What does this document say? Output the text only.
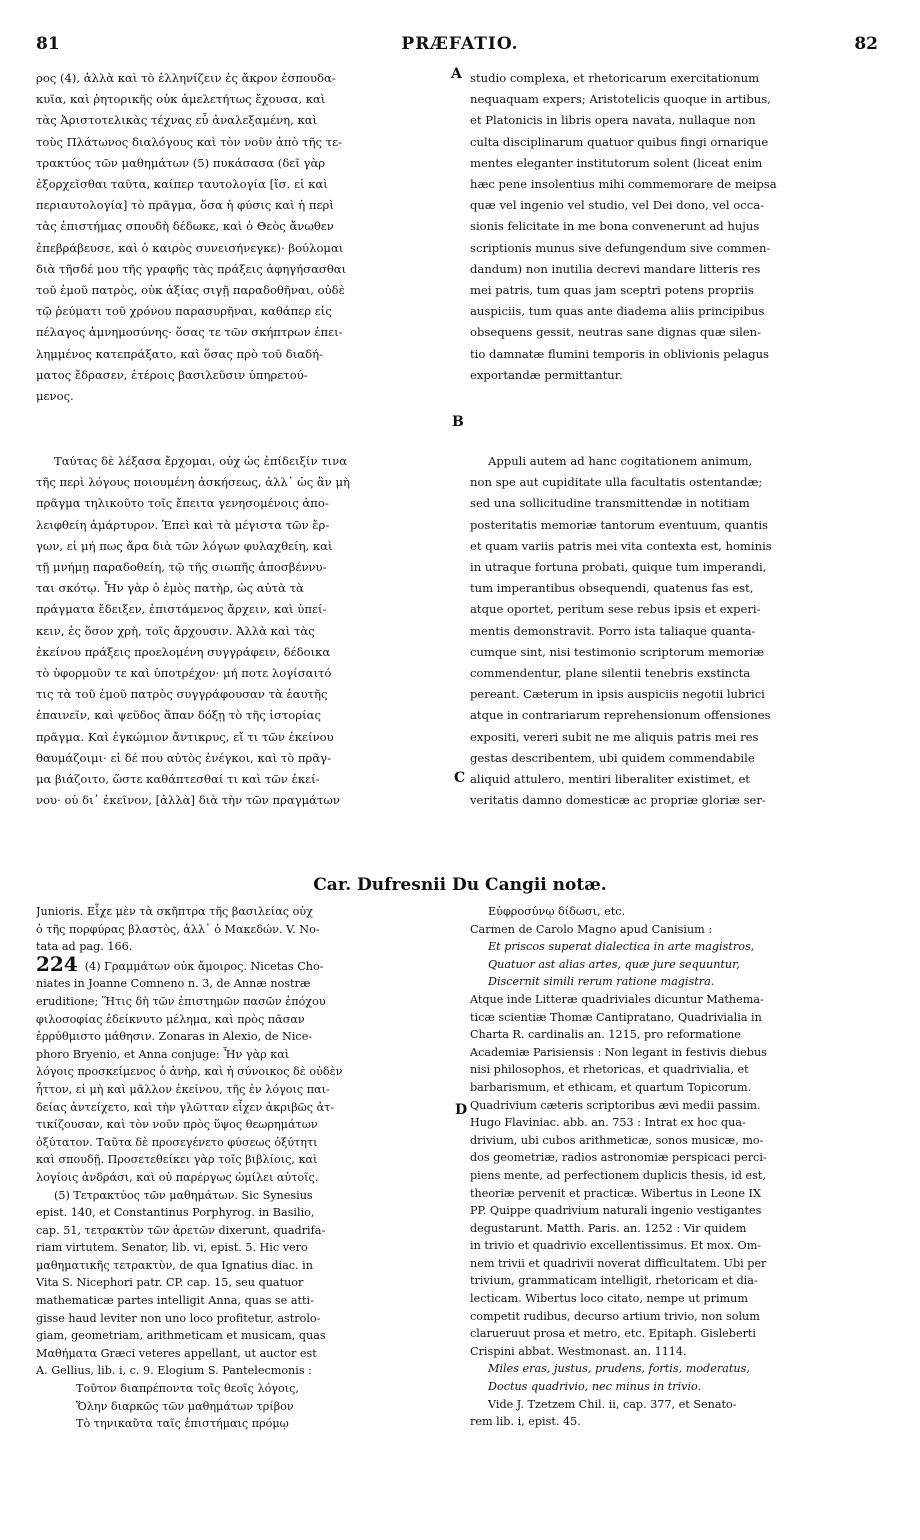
81	PRÆFATIO.	82
A
B
C
D
ρος (4), ἀλλὰ καὶ τὸ ἑλληνίζειν ἐς ἄκρον ἐσπουδα-
κυῖα, καὶ ῥητορικῆς οὐκ ἀμελετήτως ἔχουσα, καὶ
τὰς Ἀριστοτελικὰς τέχνας εὖ ἀναλεξαμένη, καὶ
τοὺς Πλάτωνος διαλόγους καὶ τὸν νοῦν ἀπὸ τῆς τε-
τρακτύος τῶν μαθημάτων (5) πυκάσασα (δεῖ γὰρ
ἐξορχεῖσθαι ταῦτα, καίπερ ταυτολογία [ἴσ. εἰ καὶ
περιαυτολογία] τὸ πρᾶγμα, ὅσα ἡ φύσις καὶ ἡ περὶ
τὰς ἐπιστήμας σπουδὴ δέδωκε, καὶ ὁ Θεὸς ἄνωθεν
ἐπεβράβευσε, καὶ ὁ καιρὸς συνεισήνεγκε)· βούλομαι
διὰ τῆσδέ μου τῆς γραφῆς τὰς πράξεις ἀφηγήσασθαι
τοῦ ἐμοῦ πατρὸς, οὐκ ἀξίας σιγῇ παραδοθῆναι, οὐδὲ
τῷ ῥεύματι τοῦ χρόνου παρασυρῆναι, καθάπερ εἰς
πέλαγος ἀμνημοσύνης· ὅσας τε τῶν σκήπτρων ἐπει-
λημμένος κατεπράξατο, καὶ ὅσας πρὸ τοῦ διαδή-
ματος ἔδρασεν, ἑτέροις βασιλεῦσιν ὑπηρετού-
μενος.
studio complexa, et rhetoricarum exercitationum
nequaquam expers; Aristotelicis quoque in artibus,
et Platonicis in libris opera navata, nullaque non
culta disciplinarum quatuor quibus fingi ornarique
mentes eleganter institutorum solent (liceat enim
hæc pene insolentius mihi commemorare de meipsa
quæ vel ingenio vel studio, vel Dei dono, vel occa-
sionis felicitate in me bona convenerunt ad hujus
scriptionis munus sive defungendum sive commen-
dandum) non inutilia decrevi mandare litteris res
mei patris, tum quas jam sceptri potens propriis
auspiciis, tum quas ante diadema aliis principibus
obsequens gessit, neutras sane dignas quæ silen-
tio damnatæ flumini temporis in oblivionis pelagus
exportandæ permittantur.
Ταύτας δὲ λέξασα ἔρχομαι, οὐχ ὡς ἐπίδειξίν τινα
τῆς περὶ λόγους ποιουμένη ἀσκήσεως, ἀλλ᾽ ὡς ἂν μὴ
πρᾶγμα τηλικοῦτο τοῖς ἔπειτα γενησομένοις ἀπο-
λειφθείη ἀμάρτυρον. Ἐπεὶ καὶ τὰ μέγιστα τῶν ἔρ-
γων, εἰ μή πως ἄρα διὰ τῶν λόγων φυλαχθείη, καὶ
τῇ μνήμῃ παραδοθείη, τῷ τῆς σιωπῆς ἀποσβέννυ-
ται σκότῳ. Ἦν γὰρ ὁ ἐμὸς πατὴρ, ὡς αὐτὰ τὰ
πράγματα ἔδειξεν, ἐπιστάμενος ἄρχειν, καὶ ὑπεί-
κειν, ἐς ὅσον χρὴ, τοῖς ἄρχουσιν. Ἀλλὰ καὶ τὰς
ἐκείνου πράξεις προελομένη συγγράφειν, δέδοικα
τὸ ὑφορμοῦν τε καὶ ὑποτρέχον· μή ποτε λογίσαιτό
τις τὰ τοῦ ἐμοῦ πατρὸς συγγράφουσαν τὰ ἑαυτῆς
ἐπαινεῖν, καὶ ψεῦδος ἅπαν δόξῃ τὸ τῆς ἱστορίας
πρᾶγμα. Καὶ ἐγκώμιον ἄντικρυς, εἴ τι τῶν ἐκείνου
θαυμάζοιμι· εἰ δέ που αὐτὸς ἐνέγκοι, καὶ τὸ πρᾶγ-
μα βιάζοιτο, ὥστε καθάπτεσθαί τι καὶ τῶν ἐκεί-
νου· οὐ δι᾽ ἐκεῖνον, [ἀλλὰ] διὰ τὴν τῶν πραγμάτων
Appuli autem ad hanc cogitationem animum,
non spe aut cupiditate ulla facultatis ostentandæ;
sed una sollicitudine transmittendæ in notitiam
posteritatis memoriæ tantorum eventuum, quantis
et quam variis patris mei vita contexta est, hominis
in utraque fortuna probati, quique tum imperandi,
tum imperantibus obsequendi, quatenus fas est,
atque oportet, peritum sese rebus ipsis et experi-
mentis demonstravit. Porro ista taliaque quanta-
cumque sint, nisi testimonio scriptorum memoriæ
commendentur, plane silentii tenebris exstincta
pereant. Cæterum in ipsis auspiciis negotii lubrici
atque in contrariarum reprehensionum offensiones
expositi, vereri subit ne me aliquis patris mei res
gestas describentem, ubi quidem commendabile
aliquid attulero, mentiri liberaliter existimet, et
veritatis damno domesticæ ac propriæ gloriæ ser-
Car. Dufresnii Du Cangii notæ.
Junioris. Εἶχε μὲν τὰ σκῆπτρα τῆς βασιλείας οὐχ
ὁ τῆς πορφύρας βλαστὸς, ἀλλ᾽ ὁ Μακεδών. V. No-
tata ad pag. 166.
224 (4) Γραμμάτων οὐκ ἄμοιρος. Nicetas Cho-
niates in Joanne Comneno n. 3, de Annæ nostræ
eruditione; Ἥτις δὴ τῶν ἐπιστημῶν πασῶν ἐπόχου
φιλοσοφίας ἐδείκνυτο μέλημα, καὶ πρὸς πᾶσαν
ἐρρύθμιστο μάθησιν. Zonaras in Alexio, de Nice-
phoro Bryenio, et Anna conjuge: Ἦν γὰρ καὶ
λόγοις προσκείμενος ὁ ἀνὴρ, καὶ ἡ σύνοικος δὲ οὐδὲν
ἧττον, εἰ μὴ καὶ μᾶλλον ἐκείνου, τῆς ἐν λόγοις παι-
δείας ἀντείχετο, καὶ τὴν γλῶτταν εἶχεν ἀκριβῶς ἀτ-
τικίζουσαν, καὶ τὸν νοῦν πρὸς ὕψος θεωρημάτων
ὀξύτατον. Ταῦτα δὲ προσεγένετο φύσεως ὀξύτητι
καὶ σπουδῇ. Προσετεθείκει γὰρ τοῖς βιβλίοις, καὶ
λογίοις ἀνδράσι, καὶ οὐ παρέργως ὡμίλει αὐτοῖς.
(5) Τετρακτύος τῶν μαθημάτων. Sic Synesius
epist. 140, et Constantinus Porphyrog. in Basilio,
cap. 51, τετρακτὺν τῶν ἀρετῶν dixerunt, quadrifa-
riam virtutem. Senator, lib. vi, epist. 5. Hic vero
μαθηματικῆς τετρακτὺν, de qua Ignatius diac. in
Vita S. Nicephori patr. CP. cap. 15, seu quatuor
mathematicæ partes intelligit Anna, quas se atti-
gisse haud leviter non uno loco profitetur, astrolo-
giam, geometriam, arithmeticam et musicam, quas
Μαθήματα Græci veteres appellant, ut auctor est
A. Gellius, lib. i, c. 9. Elogium S. Pantelecmonis :
Τοῦτον διαπρέποντα τοῖς θεοῖς λόγοις,
Ὅλην διαρκῶς τῶν μαθημάτων τρίβον
Τὸ τηνικαῦτα ταῖς ἐπιστήμαις πρόμῳ
Εὐφροσύνῳ δίδωσι, etc.
Carmen de Carolo Magno apud Canisium :
Et priscos superat dialectica in arte magistros,
Quatuor ast alias artes, quæ jure sequuntur,
Discernit simili rerum ratione magistra.
Atque inde Litteræ quadriviales dicuntur Mathema-
ticæ scientiæ Thomæ Cantipratano, Quadrivialia in
Charta R. cardinalis an. 1215, pro reformatione
Academiæ Parisiensis : Non legant in festivis diebus
nisi philosophos, et rhetoricas, et quadrivialia, et
barbarismum, et ethicam, et quartum Topicorum.
Quadrivium cæteris scriptoribus ævi medii passim.
Hugo Flaviniac. abb. an. 753 : Intrat ex hoc qua-
drivium, ubi cubos arithmeticæ, sonos musicæ, mo-
dos geometriæ, radios astronomiæ perspicaci perci-
piens mente, ad perfectionem duplicis thesis, id est,
theoriæ pervenit et practicæ. Wibertus in Leone IX
PP. Quippe quadrivium naturali ingenio vestigantes
degustarunt. Matth. Paris. an. 1252 : Vir quidem
in trivio et quadrivio excellentissimus. Et mox. Om-
nem trivii et quadrivii noverat difficultatem. Ubi per
trivium, grammaticam intelligit, rhetoricam et dia-
lecticam. Wibertus loco citato, nempe ut primum
competit rudibus, decurso artium trivio, non solum
clarueruut prosa et metro, etc. Epitaph. Gisleberti
Crispini abbat. Westmonast. an. 1114.
Miles eras, justus, prudens, fortis, moderatus,
Doctus quadrivio, nec minus in trivio.
Vide J. Tzetzem Chil. ii, cap. 377, et Senato-
rem lib. i, epist. 45.
